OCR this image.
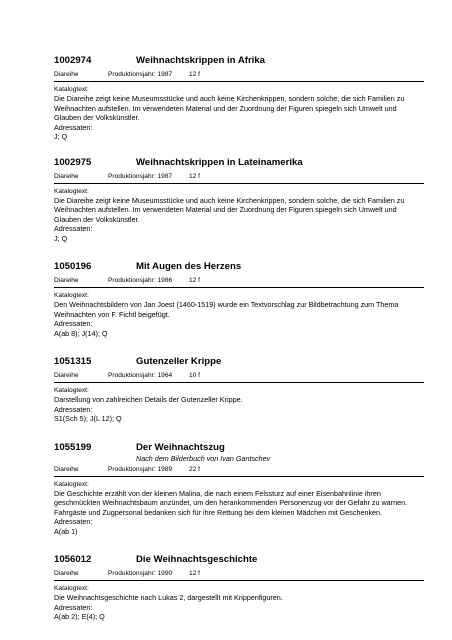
1002974	Weihnachtskrippen in Afrika
Diareihe	Produktionsjahr: 1987	12 f
Katalogtext:
Die Diareihe zeigt keine Museumsstücke und auch keine Kirchenkrippen, sondern solche, die sich Familien zu Weihnachten aufstellen. Im verwendeten Material und der Zuordnung der Figuren spiegeln sich Umwelt und Glauben der Volkskünstler.
Adressaten:
J; Q
1002975	Weihnachtskrippen in Lateinamerika
Diareihe	Produktionsjahr: 1987	12 f
Katalogtext:
Die Diareihe zeigt keine Museumsstücke und auch keine Kirchenkrippen, sondern solche, die sich Familien zu Weihnachten aufstellen. Im verwendeten Material und der Zuordnung der Figuren spiegeln sich Umwelt und Glauben der Volkskünstler.
Adressaten:
J; Q
1050196	Mit Augen des Herzens
Diareihe	Produktionsjahr: 1986	12 f
Katalogtext:
Den Weihnachtsbildern von Jan Joest (1460-1519) wurde ein Textvorschlag zur Bildbetrachtung zum Thema Weihnachten von F. Fichtl beigefügt.
Adressaten:
A(ab 8); J(14); Q
1051315	Gutenzeller Krippe
Diareihe	Produktionsjahr: 1964	10 f
Katalogtext:
Darstellung von zahlreichen Details der Gutenzeller Krippe.
Adressaten:
S1(Sch 5); J(L 12); Q
1055199	Der Weihnachtszug
Nach dem Bilderbuch von Ivan Gantschev
Diareihe	Produktionsjahr: 1989	22 f
Katalogtext:
Die Geschichte erzählt von der kleinen Malina, die nach einem Felssturz auf einer Eisenbahnlinie ihren geschmückten Weihnachtsbaum anzündet, um den herankommenden Personenzug vor der Gefahr zu warnen. Fahrgäste und Zugpersonal bedanken sich für ihre Rettung bei dem kleinen Mädchen mit Geschenken.
Adressaten:
A(ab 1)
1056012	Die Weihnachtsgeschichte
Diareihe	Produktionsjahr: 1990	12 f
Katalogtext:
Die Weihnachtsgeschichte nach Lukas 2, dargestellt mit Krippenfiguren.
Adressaten:
A(ab 2); E(4); Q
